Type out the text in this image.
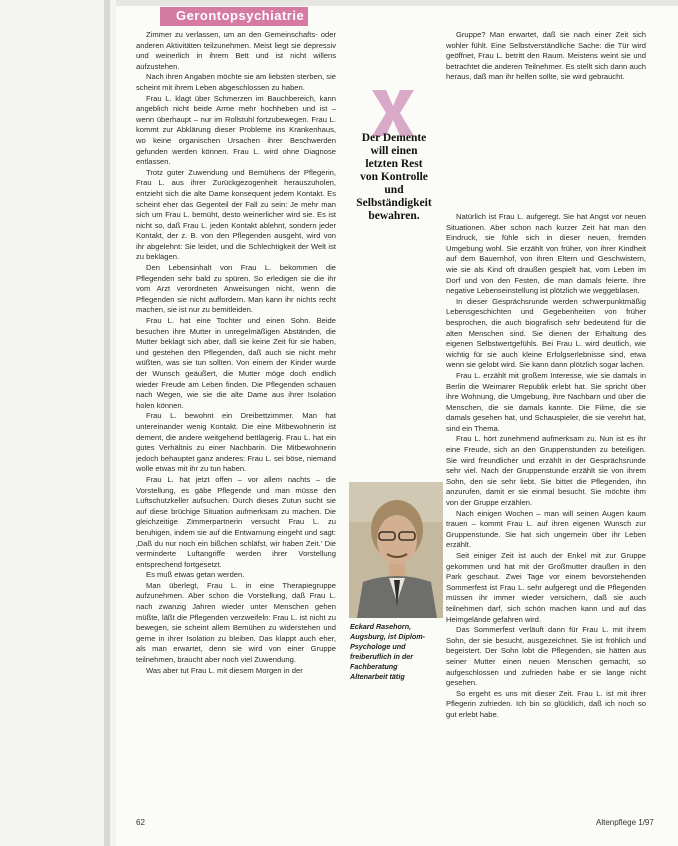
Gerontopsychiatrie

Zimmer zu verlassen, um an den Gemeinschafts- oder anderen Aktivitäten teilzunehmen. Meist liegt sie depressiv und weinerlich in ihrem Bett und ist nicht willens aufzustehen.

Nach ihren Angaben möchte sie am liebsten sterben, sie scheint mit ihrem Leben abgeschlossen zu haben.

Frau L. klagt über Schmerzen im Bauchbereich, kann angeblich nicht beide Arme mehr hochheben und ist – wenn überhaupt – nur im Rollstuhl fortzubewegen. Frau L. kommt zur Abklärung dieser Probleme ins Krankenhaus, wo keine organischen Ursachen ihrer Beschwerden gefunden werden können. Frau L. wird ohne Diagnose entlassen.

Trotz guter Zuwendung und Bemühens der Pflegerin, Frau L. aus ihrer Zurückgezogenheit herauszuholen, entzieht sich die alte Dame konsequent jedem Kontakt. Es scheint eher das Gegenteil der Fall zu sein: Je mehr man sich um Frau L. bemüht, desto weinerlicher wird sie. Es ist nicht so, daß Frau L. jeden Kontakt ablehnt, sondern jeder Kontakt, der z. B. von den Pflegenden ausgeht, wird von ihr abgelehnt: Sie leidet, und die Schlechtigkeit der Welt ist zu beklagen.

Den Lebensinhalt von Frau L. bekommen die Pflegenden sehr bald zu spüren. So erledigen sie die ihr vom Arzt verordneten Anweisungen nicht, wenn die Pflegenden sie nicht auffordern. Man kann ihr nichts recht machen, sie ist nur zu bemitleiden.

Frau L. hat eine Tochter und einen Sohn. Beide besuchen ihre Mutter in unregelmäßigen Abständen, die Mutter beklagt sich aber, daß sie keine Zeit für sie haben, und gestehen den Pflegenden, daß auch sie nicht mehr wüßten, was sie tun sollten. Von einem der Kinder wurde der Wunsch geäußert, die Mutter möge doch endlich wieder Freude am Leben finden. Die Pflegenden schauen nach Wegen, wie sie die alte Dame aus ihrer Isolation holen können.

Frau L. bewohnt ein Dreibettzimmer. Man hat untereinander wenig Kontakt. Die eine Mitbewohnerin ist dement, die andere weitgehend bettlägerig. Frau L. hat ein gutes Verhältnis zu einer Nachbarin. Die Mitbewohnerin jedoch behauptet ganz anderes: Frau L. sei böse, niemand wolle etwas mit ihr zu tun haben.

Frau L. hat jetzt offen – vor allem nachts – die Vorstellung, es gäbe Pflegende und man müsse den Luftschutzkeller aufsuchen. Durch dieses Zutun sucht sie auf diese brüchige Situation aufmerksam zu machen. Die gleichzeitige Zimmerpartnerin versucht Frau L. zu beruhigen, indem sie auf die Entwarnung eingeht und sagt: ‚Daß du nur noch ein bißchen schläfst, wir haben Zeit.' Die verminderte Luftangriffe werden ihrer Vorstellung entsprechend fortgesetzt.

Es muß etwas getan werden.

Man überlegt, Frau L. in eine Therapiegruppe aufzunehmen. Aber schon die Vorstellung, daß Frau L. nach zwanzig Jahren wieder unter Menschen gehen müßte, läßt die Pflegenden verzweifeln: Frau L. ist nicht zu bewegen, sie scheint allem Bemühen zu widerstehen und gerne in ihrer Isolation zu bleiben. Das klappt auch eher, als man erwartet, denn sie wird von einer Gruppe teilnehmen, braucht aber noch viel Zuwendung.

Was aber tut Frau L. mit diesem Morgen in der

Gruppe? Man erwartet, daß sie nach einer Zeit sich wohler fühlt. Eine Selbstverständliche Sache: die Tür wird geöffnet, Frau L. betritt den Raum. Meistens weint sie und betrachtet die anderen Teilnehmer. Es stellt sich dann auch heraus, daß man ihr helfen sollte, sie wird gebraucht.

Natürlich ist Frau L. aufgeregt. Sie hat Angst vor neuen Situationen. Aber schon nach kurzer Zeit hat man den Eindruck, sie fühle sich in dieser neuen, fremden Umgebung wohl. Sie erzählt von früher, von ihrer Kindheit auf dem Bauernhof, von ihren Eltern und Geschwistern, wie sie als Kind oft draußen gespielt hat, vom Leben im Dorf und von den Festen, die man damals feierte. Ihre negative Lebenseinstellung ist plötzlich wie weggeblasen.

In dieser Gesprächsrunde werden schwerpunktmäßig Lebensgeschichten und Gegebenheiten von früher besprochen, die auch biografisch sehr bedeutend für die alten Menschen sind. Sie dienen der Erhaltung des eigenen Selbstwertgefühls. Bei Frau L. wird deutlich, wie wichtig für sie auch kleine Erfolgserlebnisse sind, etwa wenn sie gelobt wird. Sie kann dann plötzlich sogar lachen.

Frau L. erzählt mit großem Interesse, wie sie damals in Berlin die Weimarer Republik erlebt hat. Sie spricht über ihre Wohnung, die Umgebung, ihre Nachbarn und über die Menschen, die sie damals kannte. Die Filme, die sie damals gesehen hat, und Schauspieler, die sie verehrt hat, sind ein Thema.

Frau L. hört zunehmend aufmerksam zu. Nun ist es ihr eine Freude, sich an den Gruppenstunden zu beteiligen. Sie wird freundlicher und erzählt in der Gesprächsrunde sehr viel. Nach der Gruppenstunde erzählt sie von ihrem Sohn, den sie sehr liebt. Sie bittet die Pflegenden, ihn anzurufen, damit er sie einmal besucht. Sie möchte ihm von der Gruppe erzählen.

Nach einigen Wochen – man will seinen Augen kaum trauen – kommt Frau L. auf ihren eigenen Wunsch zur Gruppenstunde. Sie hat sich ungemein über ihr Leben erzählt.

Seit einiger Zeit ist auch der Enkel mit zur Gruppe gekommen und hat mit der Großmutter draußen in den Park geschaut. Zwei Tage vor einem bevorstehenden Sommerfest ist Frau L. sehr aufgeregt und die Pflegenden müssen ihr immer wieder versichern, daß sie auch teilnehmen darf, sich schön machen kann und auf das Heimgelände gefahren wird.

Das Sommerfest verläuft dann für Frau L. mit ihrem Sohn, der sie besucht, ausgezeichnet. Sie ist fröhlich und begeistert. Der Sohn lobt die Pflegenden, sie hätten aus seiner Mutter einen neuen Menschen gemacht, so aufgeschlossen und zufrieden habe er sie lange nicht gesehen.

So ergeht es uns mit dieser Zeit. Frau L. ist mit ihrer Pflegerin zufrieden. Ich bin so glücklich, daß ich noch so gut erlebt habe.

Der Demente
will einen
letzten Rest
von Kontrolle
und
Selbständigkeit
bewahren.
Eckard Rasehorn,
Augsburg, ist Diplom-
Psychologe und
freiberuflich in der
Fachberatung
Altenarbeit tätig
62	Altenpflege 1/97
